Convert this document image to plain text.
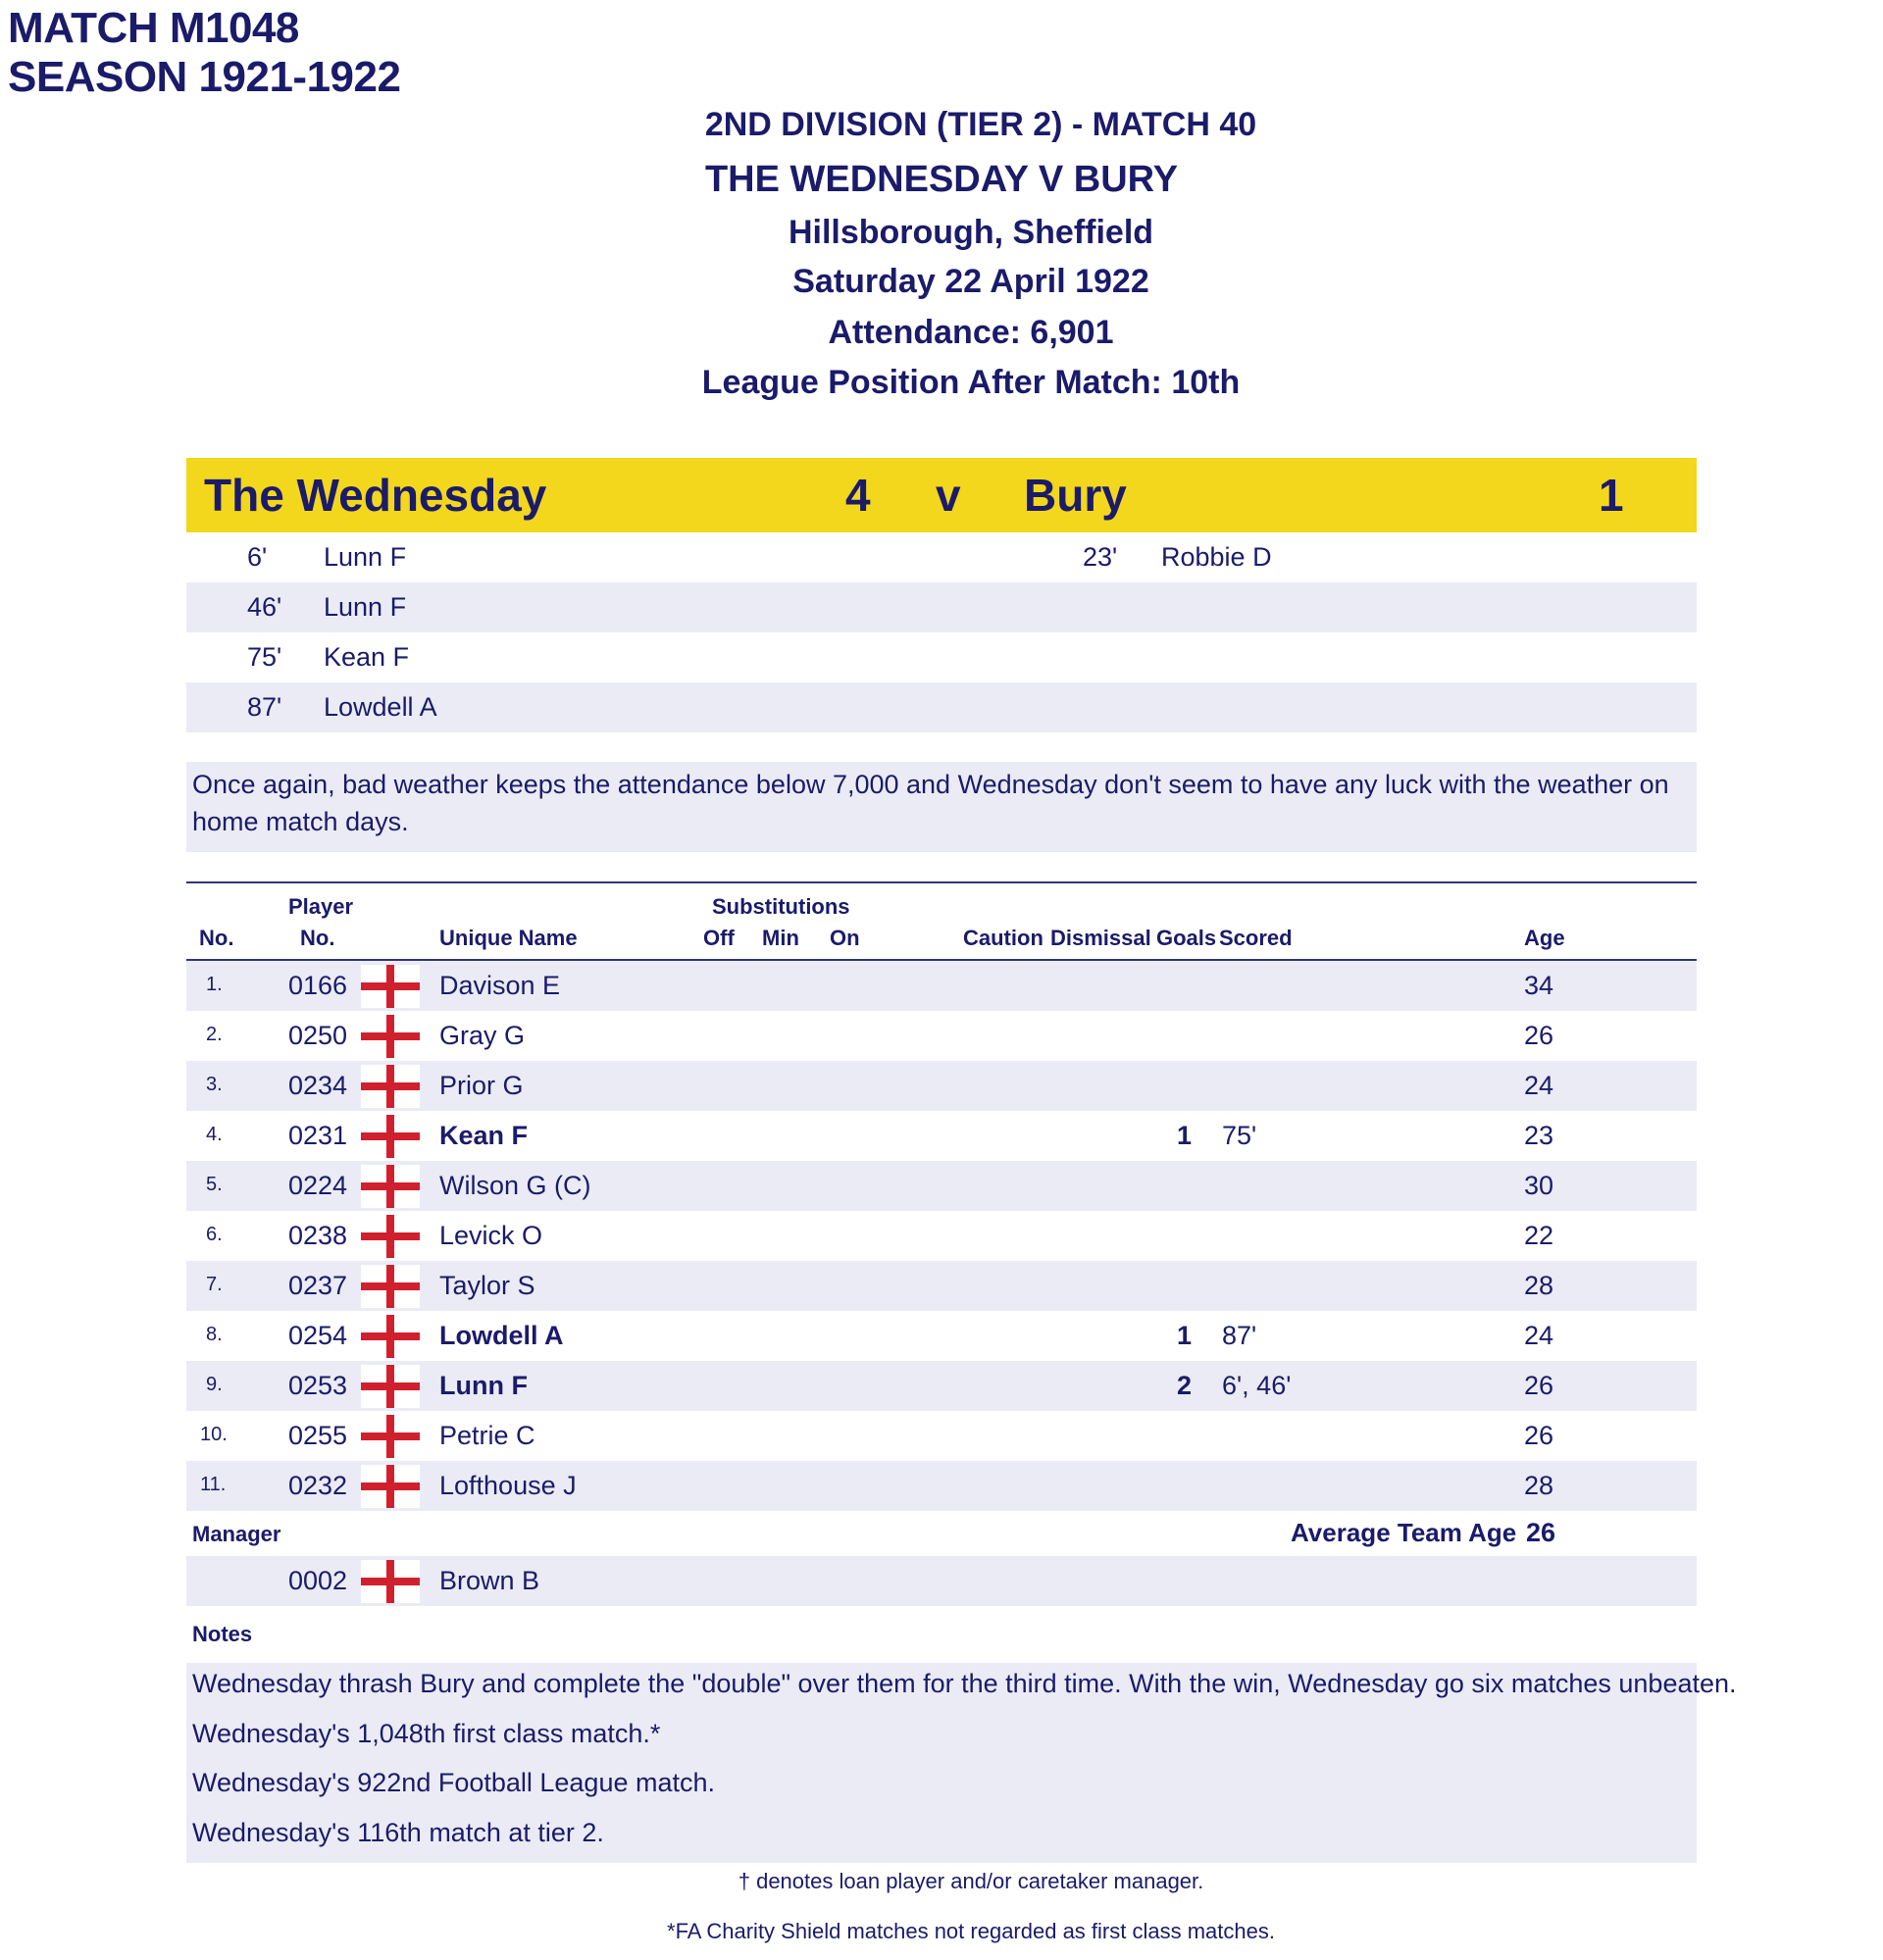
MATCH M1048
SEASON 1921-1922
2ND DIVISION (TIER 2) - MATCH 40
THE WEDNESDAY V BURY
Hillsborough, Sheffield
Saturday 22 April 1922
Attendance: 6,901
League Position After Match: 10th
The Wednesday	4 v Bury	1
6' Lunn F	23' Robbie D
46' Lunn F
75' Kean F
87' Lowdell A

Once again, bad weather keeps the attendance below 7,000 and Wednesday don't seem to have any luck with the weather on home match days.

Player	Substitutions
No.	No.	Unique Name	Off Min On	Caution Dismissal Goals Scored	Age
1. 0166	Davison E	34
2. 0250	Gray G	26
3. 0234	Prior G	24
4. 0231	Kean F	1 75'	23
5. 0224	Wilson G (C)	30
6. 0238	Levick O	22
7. 0237	Taylor S	28
8. 0254	Lowdell A	1 87'	24
9. 0253	Lunn F	2 6', 46'	26
10. 0255	Petrie C	26
11. 0232	Lofthouse J	28
Manager	Average Team Age 26
0002	Brown B
Notes
Wednesday thrash Bury and complete the "double" over them for the third time. With the win, Wednesday go six matches unbeaten.
Wednesday's 1,048th first class match.*
Wednesday's 922nd Football League match.
Wednesday's 116th match at tier 2.
† denotes loan player and/or caretaker manager.
*FA Charity Shield matches not regarded as first class matches.
